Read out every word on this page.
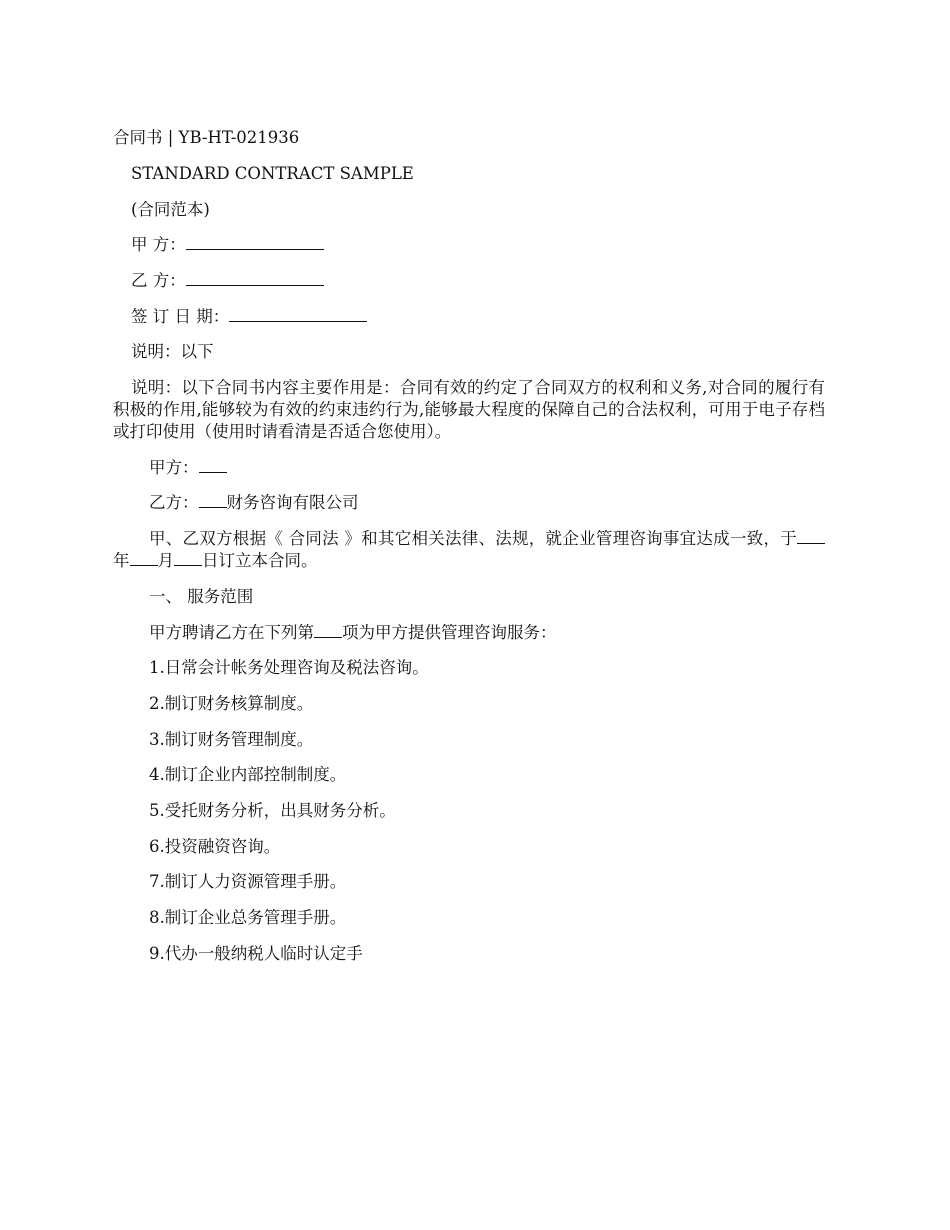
合同书 | YB-HT-021936
STANDARD CONTRACT SAMPLE
(合同范本)
甲 方：
乙 方：
签 订 日 期：
说明：以下
说明：以下合同书内容主要作用是：合同有效的约定了合同双方的权利和义务,对合同的履行有积极的作用,能够较为有效的约束违约行为,能够最大程度的保障自己的合法权利，可用于电子存档或打印使用（使用时请看清是否适合您使用）。
甲方：
乙方： 财务咨询有限公司
甲、乙双方根据《 合同法 》和其它相关法律、法规，就企业管理咨询事宜达成一致，于年 月 日订立本合同。
一、 服务范围
甲方聘请乙方在下列第 项为甲方提供管理咨询服务：
1.日常会计帐务处理咨询及税法咨询。
2.制订财务核算制度。
3.制订财务管理制度。
4.制订企业内部控制制度。
5.受托财务分析，出具财务分析。
6.投资融资咨询。
7.制订人力资源管理手册。
8.制订企业总务管理手册。
9.代办一般纳税人临时认定手
